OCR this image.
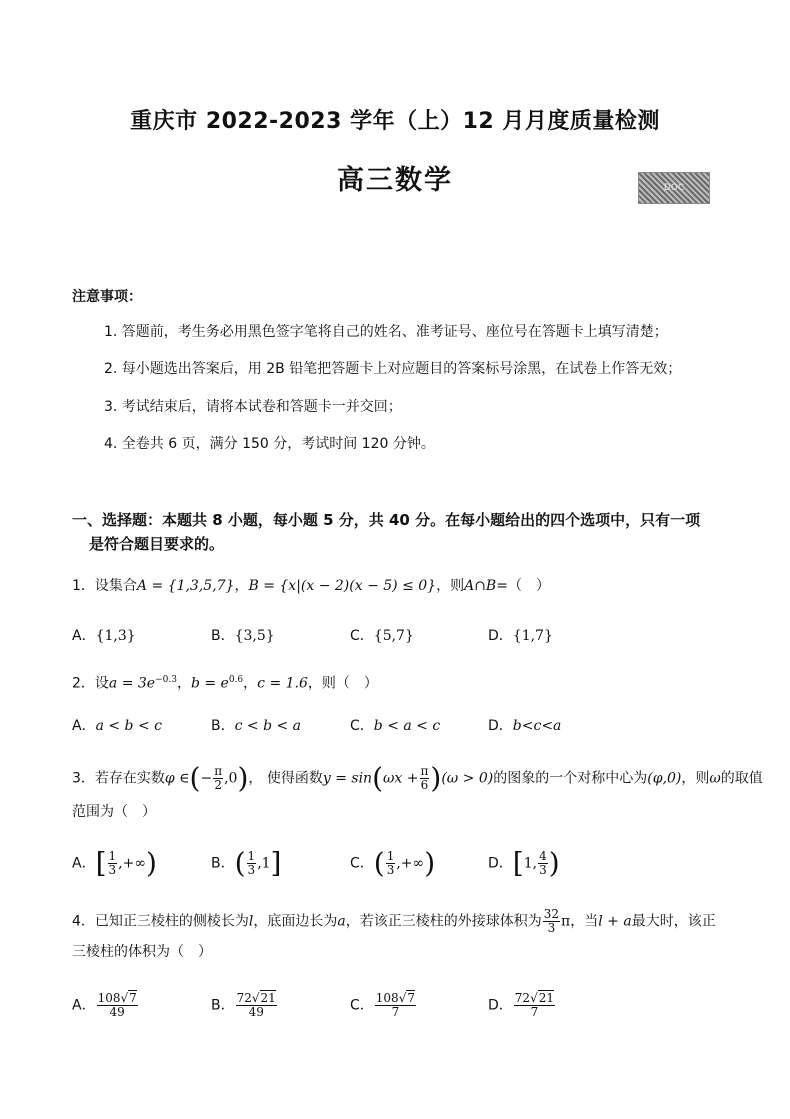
重庆市 2022-2023 学年（上）12 月月度质量检测
高三数学	DOC
注意事项：
1. 答题前，考生务必用黑色签字笔将自己的姓名、准考证号、座位号在答题卡上填写清楚；
2. 每小题选出答案后，用 2B 铅笔把答题卡上对应题目的答案标号涂黑，在试卷上作答无效；
3. 考试结束后，请将本试卷和答题卡一并交回；
4. 全卷共 6 页，满分 150 分，考试时间 120 分钟。
一、选择题：本题共 8 小题，每小题 5 分，共 40 分。在每小题给出的四个选项中，只有一项
是符合题目要求的。
1．设集合A = {1,3,5,7}，B = {x|(x − 2)(x − 5) ≤ 0}，则A∩B=（　）
A．{1,3}	B．{3,5}	C．{5,7}	D．{1,7}
2．设$a = 3e^{-0.3}$，$b = e^{0.6}$，c = 1.6，则（　）
A．a < b < c	B．c < b < a	C．b < a < c	D．b<c<a
3．若存在实数φ ∈(− $\frac{\pi}{2} ,0$)， 使得函数$y = \sin(\omega x + \frac{\pi}{6} )(\omega > 0)$的图象的一个对称中心为(φ,0)，则ω的取值
范围为（　）
A．[ $\frac{1}{3}$ ,+∞)	B．( $\frac{1}{3} ,1$]	C．( $\frac{1}{3}$ ,+∞)	D．[1, $\frac{4}{3}$ )
4．已知正三棱柱的侧棱长为l，底面边长为a，若该正三棱柱的外接球体积为 $\frac{32}{3}$ π，当l + a最大时，该正
三棱柱的体积为（　）
A． $\frac{108√7}{49}$	B． $\frac{72√21}{49}$	C． $\frac{108√7}{7}$	D． $\frac{72√21}{7}$
